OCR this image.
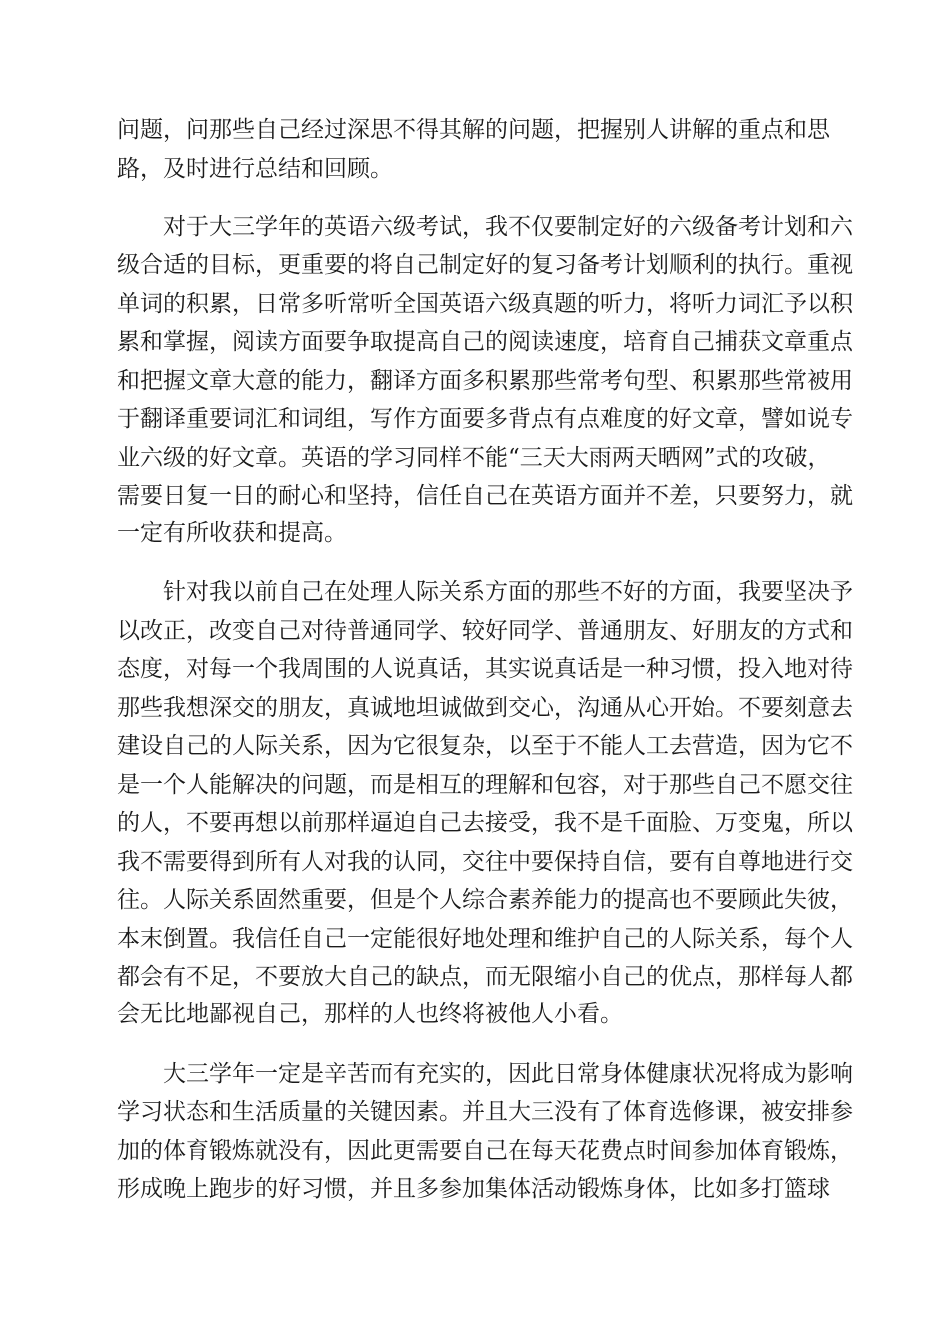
问题，问那些自己经过深思不得其解的问题，把握别人讲解的重点和思

路，及时进行总结和回顾。

对于大三学年的英语六级考试，我不仅要制定好的六级备考计划和六

级合适的目标，更重要的将自己制定好的复习备考计划顺利的执行。重视

单词的积累，日常多听常听全国英语六级真题的听力，将听力词汇予以积

累和掌握，阅读方面要争取提高自己的阅读速度，培育自己捕获文章重点

和把握文章大意的能力，翻译方面多积累那些常考句型、积累那些常被用

于翻译重要词汇和词组，写作方面要多背点有点难度的好文章，譬如说专

业六级的好文章。英语的学习同样不能“三天大雨两天晒网”式的攻破，

需要日复一日的耐心和坚持，信任自己在英语方面并不差，只要努力，就

一定有所收获和提高。

针对我以前自己在处理人际关系方面的那些不好的方面，我要坚决予

以改正，改变自己对待普通同学、较好同学、普通朋友、好朋友的方式和

态度，对每一个我周围的人说真话，其实说真话是一种习惯，投入地对待

那些我想深交的朋友，真诚地坦诚做到交心，沟通从心开始。不要刻意去

建设自己的人际关系，因为它很复杂，以至于不能人工去营造，因为它不

是一个人能解决的问题，而是相互的理解和包容，对于那些自己不愿交往

的人，不要再想以前那样逼迫自己去接受，我不是千面脸、万变鬼，所以

我不需要得到所有人对我的认同，交往中要保持自信，要有自尊地进行交

往。人际关系固然重要，但是个人综合素养能力的提高也不要顾此失彼，

本末倒置。我信任自己一定能很好地处理和维护自己的人际关系，每个人

都会有不足，不要放大自己的缺点，而无限缩小自己的优点，那样每人都

会无比地鄙视自己，那样的人也终将被他人小看。

大三学年一定是辛苦而有充实的，因此日常身体健康状况将成为影响

学习状态和生活质量的关键因素。并且大三没有了体育选修课，被安排参

加的体育锻炼就没有，因此更需要自己在每天花费点时间参加体育锻炼，

形成晚上跑步的好习惯，并且多参加集体活动锻炼身体，比如多打篮球
